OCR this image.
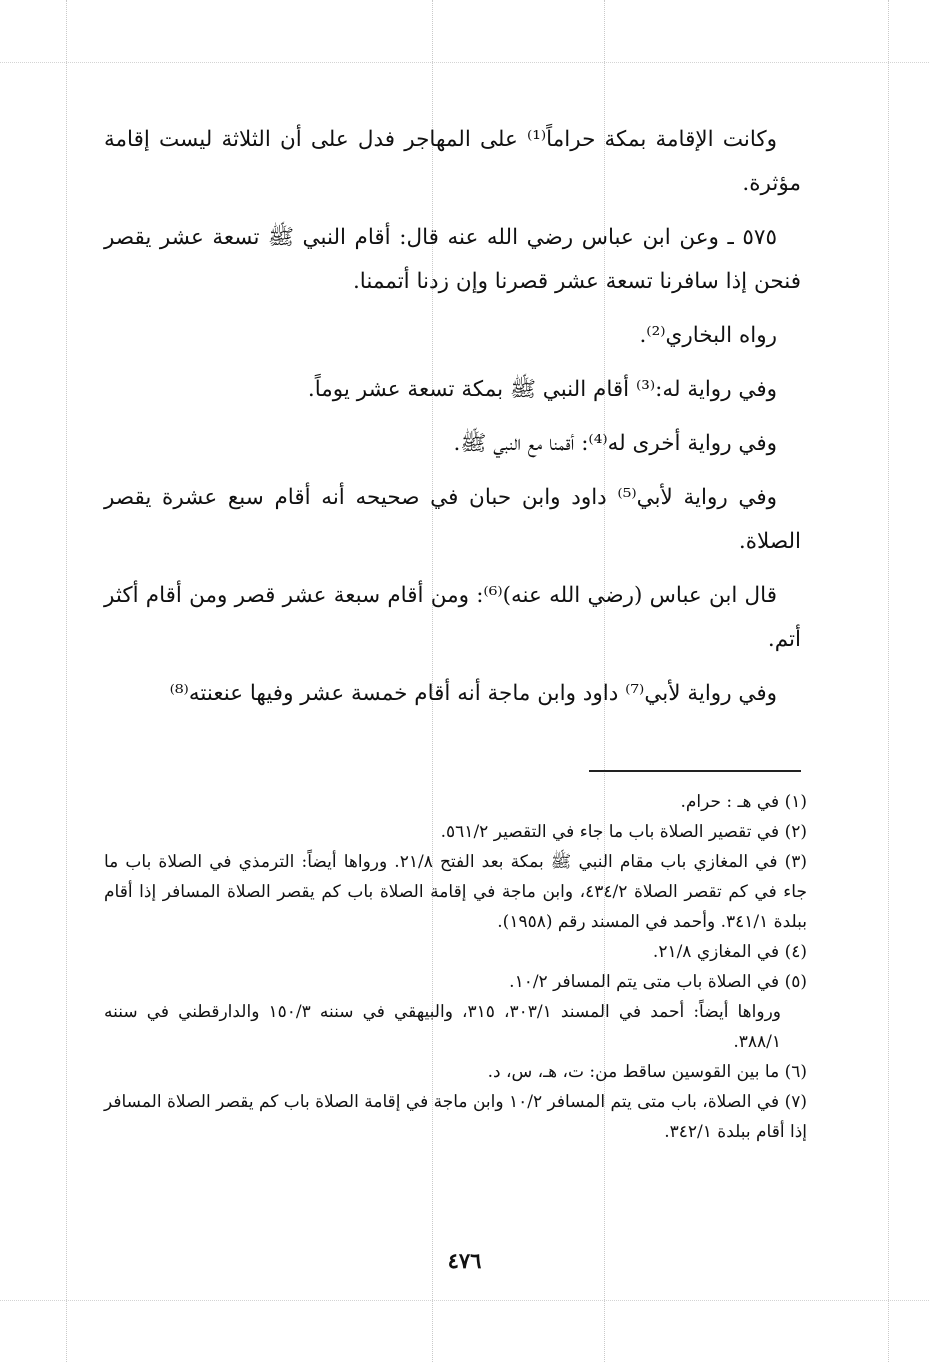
وكانت الإقامة بمكة حراماً⁽¹⁾ على المهاجر فدل على أن الثلاثة ليست إقامة مؤثرة.

٥٧٥ ـ وعن ابن عباس رضي الله عنه قال: أقام النبي ﷺ تسعة عشر يقصر فنحن إذا سافرنا تسعة عشر قصرنا وإن زدنا أتممنا.

رواه البخاري⁽²⁾.

وفي رواية له:⁽³⁾ أقام النبي ﷺ بمكة تسعة عشر يوماً.

وفي رواية أخرى له⁽⁴⁾: أقمنا مع النبي ﷺ.

وفي رواية لأبي⁽⁵⁾ داود وابن حبان في صحيحه أنه أقام سبع عشرة يقصر الصلاة.

قال ابن عباس (رضي الله عنه)⁽⁶⁾: ومن أقام سبعة عشر قصر ومن أقام أكثر أتم.

وفي رواية لأبي⁽⁷⁾ داود وابن ماجة أنه أقام خمسة عشر وفيها عنعنته⁽⁸⁾

(١) في هـ : حرام.

(٢) في تقصير الصلاة باب ما جاء في التقصير ٥٦١/٢.

(٣) في المغازي باب مقام النبي ﷺ بمكة بعد الفتح ٢١/٨. ورواها أيضاً: الترمذي في الصلاة باب ما جاء في كم تقصر الصلاة ٤٣٤/٢، وابن ماجة في إقامة الصلاة باب كم يقصر الصلاة المسافر إذا أقام ببلدة ٣٤١/١. وأحمد في المسند رقم (١٩٥٨).

(٤) في المغازي ٢١/٨.

(٥) في الصلاة باب متى يتم المسافر ١٠/٢.

ورواها أيضاً: أحمد في المسند ٣٠٣/١، ٣١٥، والبيهقي في سننه ١٥٠/٣ والدارقطني في سننه ٣٨٨/١.

(٦) ما بين القوسين ساقط من: ت، هـ، س، د.

(٧) في الصلاة، باب متى يتم المسافر ١٠/٢ وابن ماجة في إقامة الصلاة باب كم يقصر الصلاة المسافر إذا أقام ببلدة ٣٤٢/١.

٤٧٦
